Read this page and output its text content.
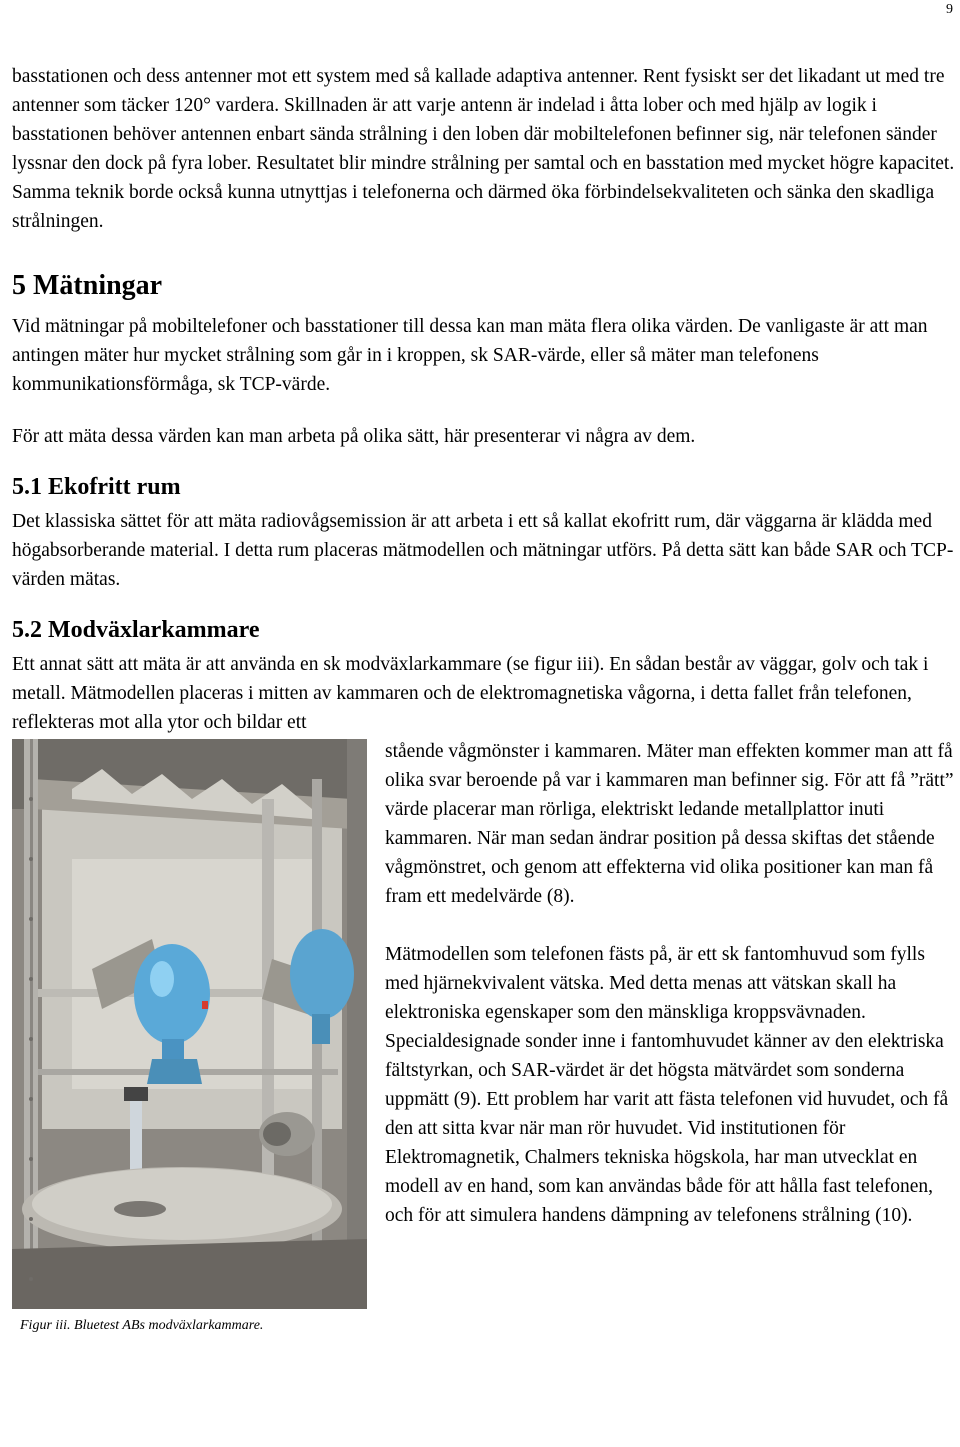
9

basstationen och dess antenner mot ett system med så kallade adaptiva antenner. Rent fysiskt ser det likadant ut med tre antenner som täcker 120° vardera. Skillnaden är att varje antenn är indelad i åtta lober och med hjälp av logik i basstationen behöver antennen enbart sända strålning i den loben där mobiltelefonen befinner sig, när telefonen sänder lyssnar den dock på fyra lober. Resultatet blir mindre strålning per samtal och en basstation med mycket högre kapacitet.

Samma teknik borde också kunna utnyttjas i telefonerna och därmed öka förbindelsekvaliteten och sänka den skadliga strålningen.

5 Mätningar

Vid mätningar på mobiltelefoner och basstationer till dessa kan man mäta flera olika värden. De vanligaste är att man antingen mäter hur mycket strålning som går in i kroppen, sk SAR-värde, eller så mäter man telefonens kommunikationsförmåga, sk TCP-värde.

För att mäta dessa värden kan man arbeta på olika sätt, här presenterar vi några av dem.

5.1 Ekofritt rum

Det klassiska sättet för att mäta radiovågsemission är att arbeta i ett så kallat ekofritt rum, där väggarna är klädda med högabsorberande material. I detta rum placeras mätmodellen och mätningar utförs. På detta sätt kan både SAR och TCP-värden mätas.

5.2 Modväxlarkammare

Ett annat sätt att mäta är att använda en sk modväxlarkammare (se figur iii). En sådan består av väggar, golv och tak i metall. Mätmodellen placeras i mitten av kammaren och de elektromagnetiska vågorna, i detta fallet från telefonen, reflekteras mot alla ytor och bildar ett

Figur iii. Bluetest ABs modväxlarkammare.

stående vågmönster i kammaren. Mäter man effekten kommer man att få olika svar beroende på var i kammaren man befinner sig. För att få ”rätt” värde placerar man rörliga, elektriskt ledande metallplattor inuti kammaren. När man sedan ändrar position på dessa skiftas det stående vågmönstret, och genom att effekterna vid olika positioner kan man få fram ett medelvärde (8).

Mätmodellen som telefonen fästs på, är ett sk fantomhuvud som fylls med hjärnekvivalent vätska. Med detta menas att vätskan skall ha elektroniska egenskaper som den mänskliga kroppsvävnaden. Specialdesignade sonder inne i fantomhuvudet känner av den elektriska fältstyrkan, och SAR-värdet är det högsta mätvärdet som sonderna uppmätt (9). Ett problem har varit att fästa telefonen vid huvudet, och få den att sitta kvar när man rör huvudet. Vid institutionen för Elektromagnetik, Chalmers tekniska högskola, har man utvecklat en modell av en hand, som kan användas både för att hålla fast telefonen, och för att simulera handens dämpning av telefonens strålning (10).
